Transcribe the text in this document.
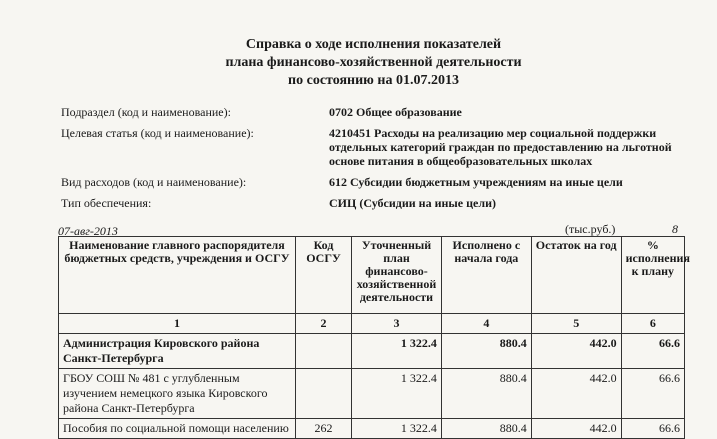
Справка о ходе исполнения показателей
плана финансово-хозяйственной деятельности
по состоянию на 01.07.2013
Подраздел (код и наименование):	0702 Общее образование
Целевая статья (код и наименование):	4210451 Расходы на реализацию мер социальной поддержки отдельных категорий граждан по предоставлению на льготной основе питания в общеобразовательных школах
Вид расходов (код и наименование):	612 Субсидии бюджетным учреждениям на иные цели
Тип обеспечения:	СИЦ (Субсидии на иные цели)
07-авг-2013	(тыс.руб.)	8
Наименование главного распорядителя бюджетных средств, учреждения и ОСГУ	Код ОСГУ	Уточненный план финансово-хозяйственной деятельности	Исполнено с начала года	Остаток на год	% исполнения к плану
1	2	3	4	5	6
Администрация Кировского района Санкт-Петербурга		1 322.4	880.4	442.0	66.6
ГБОУ СОШ № 481 с углубленным изучением немецкого языка Кировского района Санкт-Петербурга		1 322.4	880.4	442.0	66.6
Пособия по социальной помощи населению	262	1 322.4	880.4	442.0	66.6
